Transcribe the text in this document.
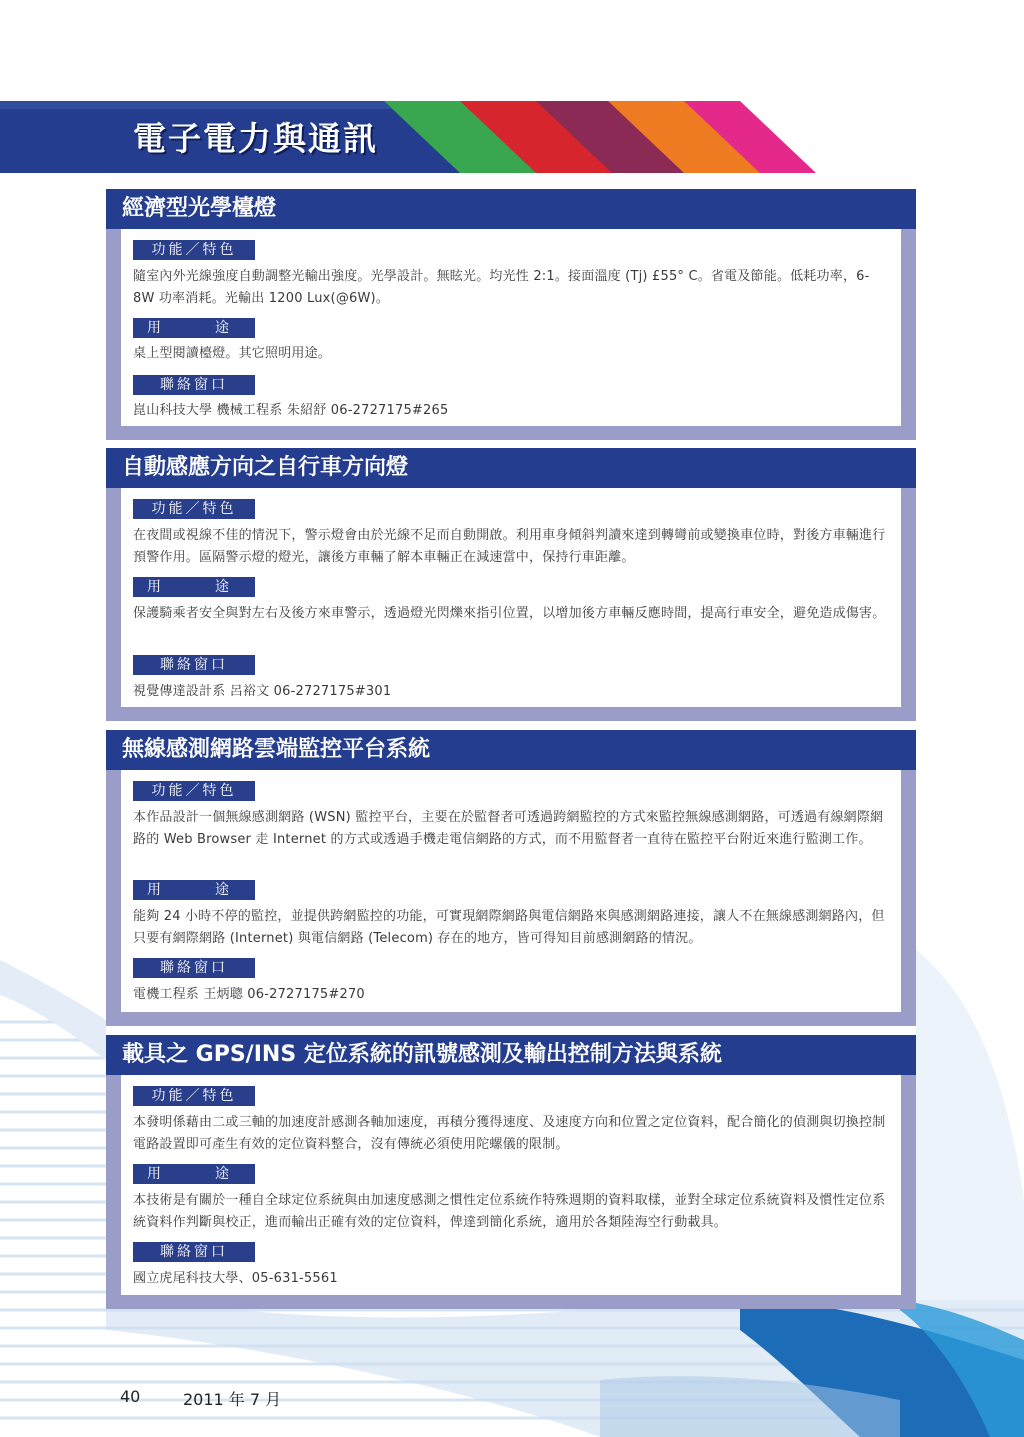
電子電力與通訊
經濟型光學檯燈
功能／特色
隨室內外光線強度自動調整光輸出強度。光學設計。無眩光。均光性 2:1。接面溫度 (Tj) £55° C。省電及節能。低耗功率，6-8W 功率消耗。光輸出 1200 Lux(@6W)。
用	途
桌上型閱讀檯燈。其它照明用途。
聯絡窗口
崑山科技大學 機械工程系 朱紹舒 06-2727175#265
自動感應方向之自行車方向燈
功能／特色
在夜間或視線不佳的情況下，警示燈會由於光線不足而自動開啟。利用車身傾斜判讀來達到轉彎前或變換車位時，對後方車輛進行預警作用。區隔警示燈的燈光，讓後方車輛了解本車輛正在減速當中，保持行車距離。
用	途
保護騎乘者安全與對左右及後方來車警示，透過燈光閃爍來指引位置，以增加後方車輛反應時間，提高行車安全，避免造成傷害。
聯絡窗口
視覺傳達設計系 呂裕文 06-2727175#301
無線感測網路雲端監控平台系統
功能／特色
本作品設計一個無線感測網路 (WSN) 監控平台，主要在於監督者可透過跨網監控的方式來監控無線感測網路，可透過有線網際網路的 Web Browser 走 Internet 的方式或透過手機走電信網路的方式，而不用監督者一直待在監控平台附近來進行監測工作。
用	途
能夠 24 小時不停的監控，並提供跨網監控的功能，可實現網際網路與電信網路來與感測網路連接，讓人不在無線感測網路內，但只要有網際網路 (Internet) 與電信網路 (Telecom) 存在的地方，皆可得知目前感測網路的情況。
聯絡窗口
電機工程系 王炳聰 06-2727175#270
載具之 GPS/INS 定位系統的訊號感測及輸出控制方法與系統
功能／特色
本發明係藉由二或三軸的加速度計感測各軸加速度，再積分獲得速度、及速度方向和位置之定位資料，配合簡化的偵測與切換控制電路設置即可產生有效的定位資料整合，沒有傳統必須使用陀螺儀的限制。
用	途
本技術是有關於一種自全球定位系統與由加速度感測之慣性定位系統作特殊週期的資料取樣，並對全球定位系統資料及慣性定位系統資料作判斷與校正，進而輸出正確有效的定位資料，俾達到簡化系統，適用於各類陸海空行動載具。
聯絡窗口
國立虎尾科技大學、05-631-5561
40	2011 年 7 月
